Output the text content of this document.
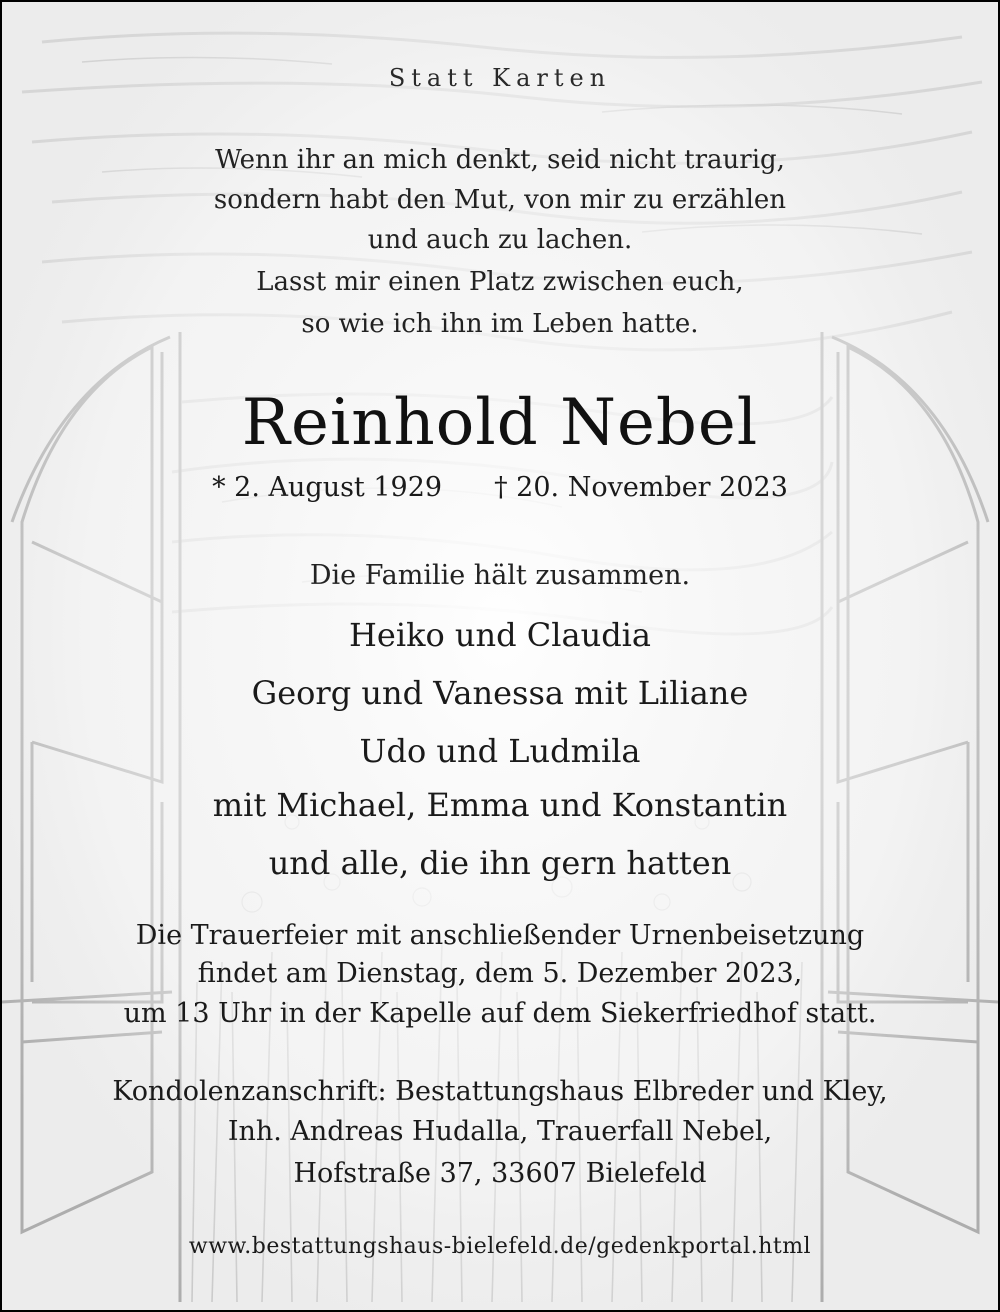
Statt Karten
Wenn ihr an mich denkt, seid nicht traurig,
sondern habt den Mut, von mir zu erzählen
und auch zu lachen.
Lasst mir einen Platz zwischen euch,
so wie ich ihn im Leben hatte.
Reinhold Nebel
* 2. August 1929 † 20. November 2023
Die Familie hält zusammen.
Heiko und Claudia
Georg und Vanessa mit Liliane
Udo und Ludmila
mit Michael, Emma und Konstantin
und alle, die ihn gern hatten
Die Trauerfeier mit anschließender Urnenbeisetzung
findet am Dienstag, dem 5. Dezember 2023,
um 13 Uhr in der Kapelle auf dem Siekerfriedhof statt.
Kondolenzanschrift: Bestattungshaus Elbreder und Kley,
Inh. Andreas Hudalla, Trauerfall Nebel,
Hofstraße 37, 33607 Bielefeld
www.bestattungshaus-bielefeld.de/gedenkportal.html
